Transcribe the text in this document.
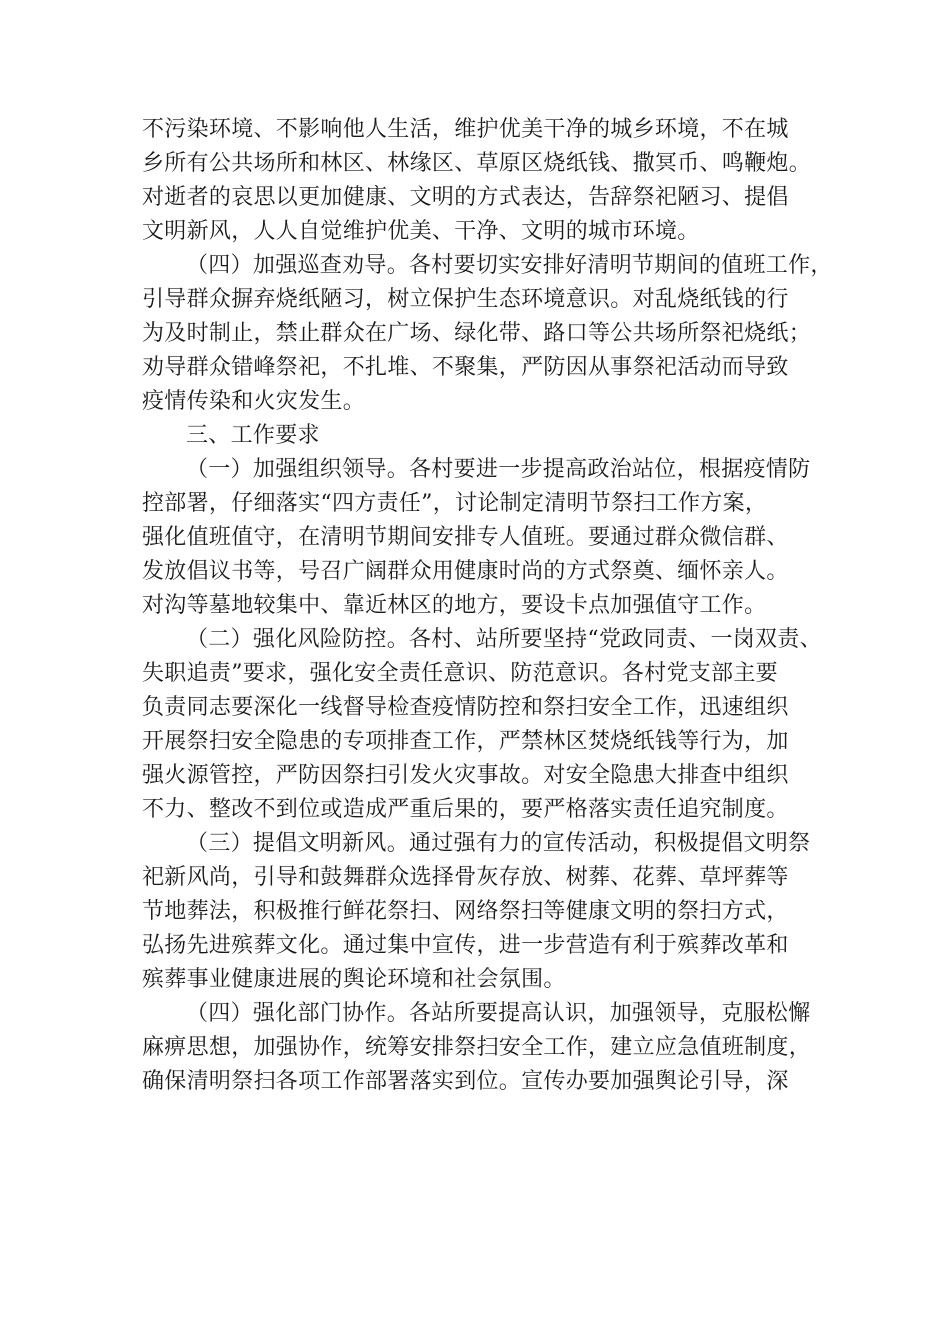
不污染环境、不影响他人生活，维护优美干净的城乡环境，不在城
乡所有公共场所和林区、林缘区、草原区烧纸钱、撒冥币、鸣鞭炮。
对逝者的哀思以更加健康、文明的方式表达，告辞祭祀陋习、提倡
文明新风，人人自觉维护优美、干净、文明的城市环境。
（四）加强巡查劝导。各村要切实安排好清明节期间的值班工作，
引导群众摒弃烧纸陋习，树立保护生态环境意识。对乱烧纸钱的行
为及时制止，禁止群众在广场、绿化带、路口等公共场所祭祀烧纸；
劝导群众错峰祭祀，不扎堆、不聚集，严防因从事祭祀活动而导致
疫情传染和火灾发生。
三、工作要求
（一）加强组织领导。各村要进一步提高政治站位，根据疫情防
控部署，仔细落实“四方责任”，讨论制定清明节祭扫工作方案，
强化值班值守，在清明节期间安排专人值班。要通过群众微信群、
发放倡议书等，号召广阔群众用健康时尚的方式祭奠、缅怀亲人。
对沟等墓地较集中、靠近林区的地方，要设卡点加强值守工作。
（二）强化风险防控。各村、站所要坚持“党政同责、一岗双责、
失职追责”要求，强化安全责任意识、防范意识。各村党支部主要
负责同志要深化一线督导检查疫情防控和祭扫安全工作，迅速组织
开展祭扫安全隐患的专项排查工作，严禁林区焚烧纸钱等行为，加
强火源管控，严防因祭扫引发火灾事故。对安全隐患大排查中组织
不力、整改不到位或造成严重后果的，要严格落实责任追究制度。
（三）提倡文明新风。通过强有力的宣传活动，积极提倡文明祭
祀新风尚，引导和鼓舞群众选择骨灰存放、树葬、花葬、草坪葬等
节地葬法，积极推行鲜花祭扫、网络祭扫等健康文明的祭扫方式，
弘扬先进殡葬文化。通过集中宣传，进一步营造有利于殡葬改革和
殡葬事业健康进展的舆论环境和社会氛围。
（四）强化部门协作。各站所要提高认识，加强领导，克服松懈
麻痹思想，加强协作，统筹安排祭扫安全工作，建立应急值班制度，
确保清明祭扫各项工作部署落实到位。宣传办要加强舆论引导，深
